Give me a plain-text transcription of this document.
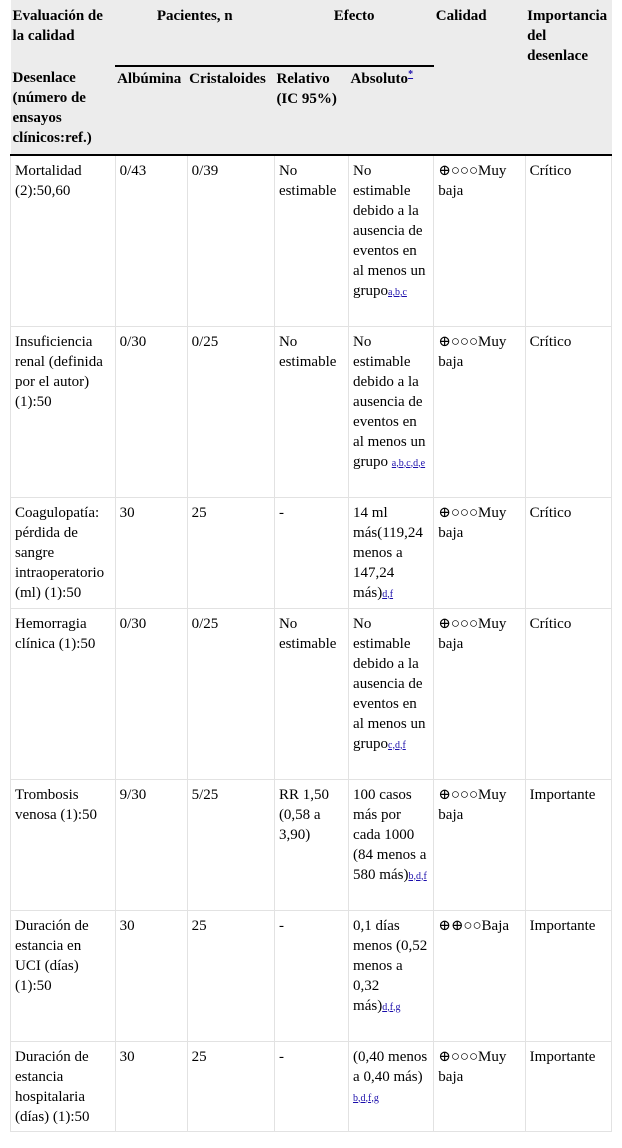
Evaluación de la calidad	Pacientes, n		Efecto		Calidad	Importancia del desenlace
Desenlace (número de ensayos clínicos:ref.)	Albúmina	Cristaloides	Relativo (IC 95%)	Absoluto*
Mortalidad (2):50,60	0/43	0/39	No estimable	No estimable debido a la ausencia de eventos en al menos un grupoa,b,c	⊕○○○Muy baja	Crítico
Insuficiencia renal (definida por el autor) (1):50	0/30	0/25	No estimable	No estimable debido a la ausencia de eventos en al menos un grupo a,b,c,d,e	⊕○○○Muy baja	Crítico
Coagulopatía: pérdida de sangre intraoperatorio (ml) (1):50	30	25	-	14 ml más(119,24 menos a 147,24 más)d,f	⊕○○○Muy baja	Crítico
Hemorragia clínica (1):50	0/30	0/25	No estimable	No estimable debido a la ausencia de eventos en al menos un grupoc,d,f	⊕○○○Muy baja	Crítico
Trombosis venosa (1):50	9/30	5/25	RR 1,50 (0,58 a 3,90)	100 casos más por cada 1000 (84 menos a 580 más)b,d,f	⊕○○○Muy baja	Importante
Duración de estancia en UCI (días) (1):50	30	25	-	0,1 días menos (0,52 menos a 0,32 más)d,f,g	⊕⊕○○Baja	Importante
Duración de estancia hospitalaria (días) (1):50	30	25	-	(0,40 menos a 0,40 más) b,d,f,g	⊕○○○Muy baja	Importante
